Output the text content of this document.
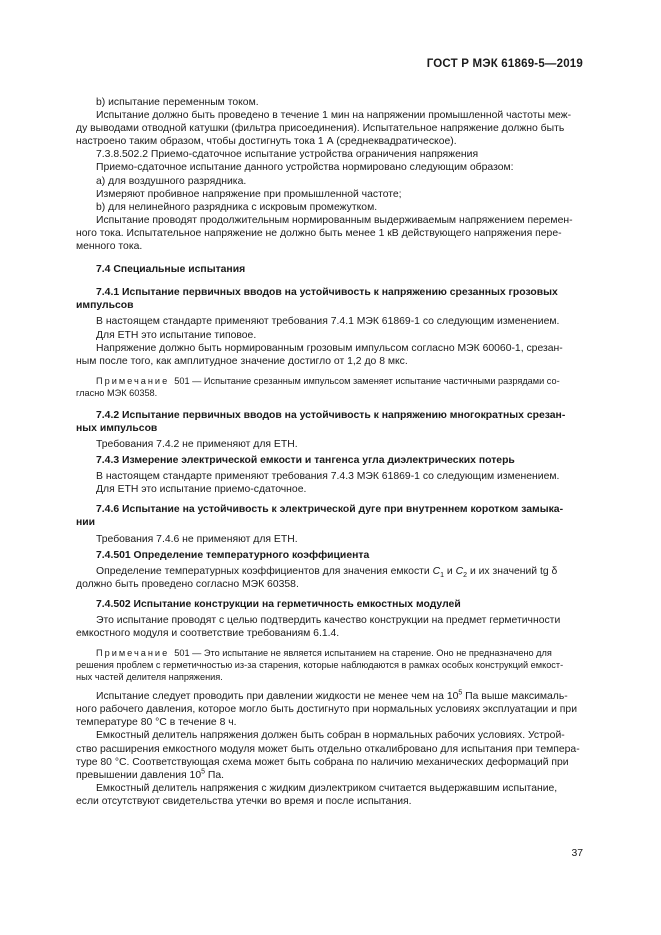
ГОСТ Р МЭК 61869-5—2019

b) испытание переменным током.

Испытание должно быть проведено в течение 1 мин на напряжении промышленной частоты меж-

ду выводами отводной катушки (фильтра присоединения). Испытательное напряжение должно быть

настроено таким образом, чтобы достигнуть тока 1 А (среднеквадратическое).

7.3.8.502.2 Приемо-сдаточное испытание устройства ограничения напряжения

Приемо-сдаточное испытание данного устройства нормировано следующим образом:

а) для воздушного разрядника.

Измеряют пробивное напряжение при промышленной частоте;

b) для нелинейного разрядника с искровым промежутком.

Испытание проводят продолжительным нормированным выдерживаемым напряжением перемен-

ного тока. Испытательное напряжение не должно быть менее 1 кВ действующего напряжения пере-

менного тока.

7.4 Специальные испытания

7.4.1 Испытание первичных вводов на устойчивость к напряжению срезанных грозовых

импульсов

В настоящем стандарте применяют требования 7.4.1 МЭК 61869-1 со следующим изменением.

Для ЕТН это испытание типовое.

Напряжение должно быть нормированным грозовым импульсом согласно МЭК 60060-1, срезан-

ным после того, как амплитудное значение достигло от 1,2 до 8 мкс.

Примечание 501 — Испытание срезанным импульсом заменяет испытание частичными разрядами со-

гласно МЭК 60358.

7.4.2 Испытание первичных вводов на устойчивость к напряжению многократных срезан-

ных импульсов

Требования 7.4.2 не применяют для ЕТН.

7.4.3 Измерение электрической емкости и тангенса угла диэлектрических потерь

В настоящем стандарте применяют требования 7.4.3 МЭК 61869-1 со следующим изменением.

Для ЕТН это испытание приемо-сдаточное.

7.4.6 Испытание на устойчивость к электрической дуге при внутреннем коротком замыка-

нии

Требования 7.4.6 не применяют для ЕТН.

7.4.501 Определение температурного коэффициента

Определение температурных коэффициентов для значения емкости $C_1$ и $C_2$ и их значений tg δ

должно быть проведено согласно МЭК 60358.

7.4.502 Испытание конструкции на герметичность емкостных модулей

Это испытание проводят с целью подтвердить качество конструкции на предмет герметичности

емкостного модуля и соответствие требованиям 6.1.4.

Примечание 501 — Это испытание не является испытанием на старение. Оно не предназначено для

решения проблем с герметичностью из-за старения, которые наблюдаются в рамках особых конструкций емкост-

ных частей делителя напряжения.

Испытание следует проводить при давлении жидкости не менее чем на $10^5$ Па выше максималь-

ного рабочего давления, которое могло быть достигнуто при нормальных условиях эксплуатации и при

температуре 80 °С в течение 8 ч.

Емкостный делитель напряжения должен быть собран в нормальных рабочих условиях. Устрой-

ство расширения емкостного модуля может быть отдельно откалибровано для испытания при темпера-

туре 80 °С. Соответствующая схема может быть собрана по наличию механических деформаций при

превышении давления $10^5$ Па.

Емкостный делитель напряжения с жидким диэлектриком считается выдержавшим испытание,

если отсутствуют свидетельства утечки во время и после испытания.

37
